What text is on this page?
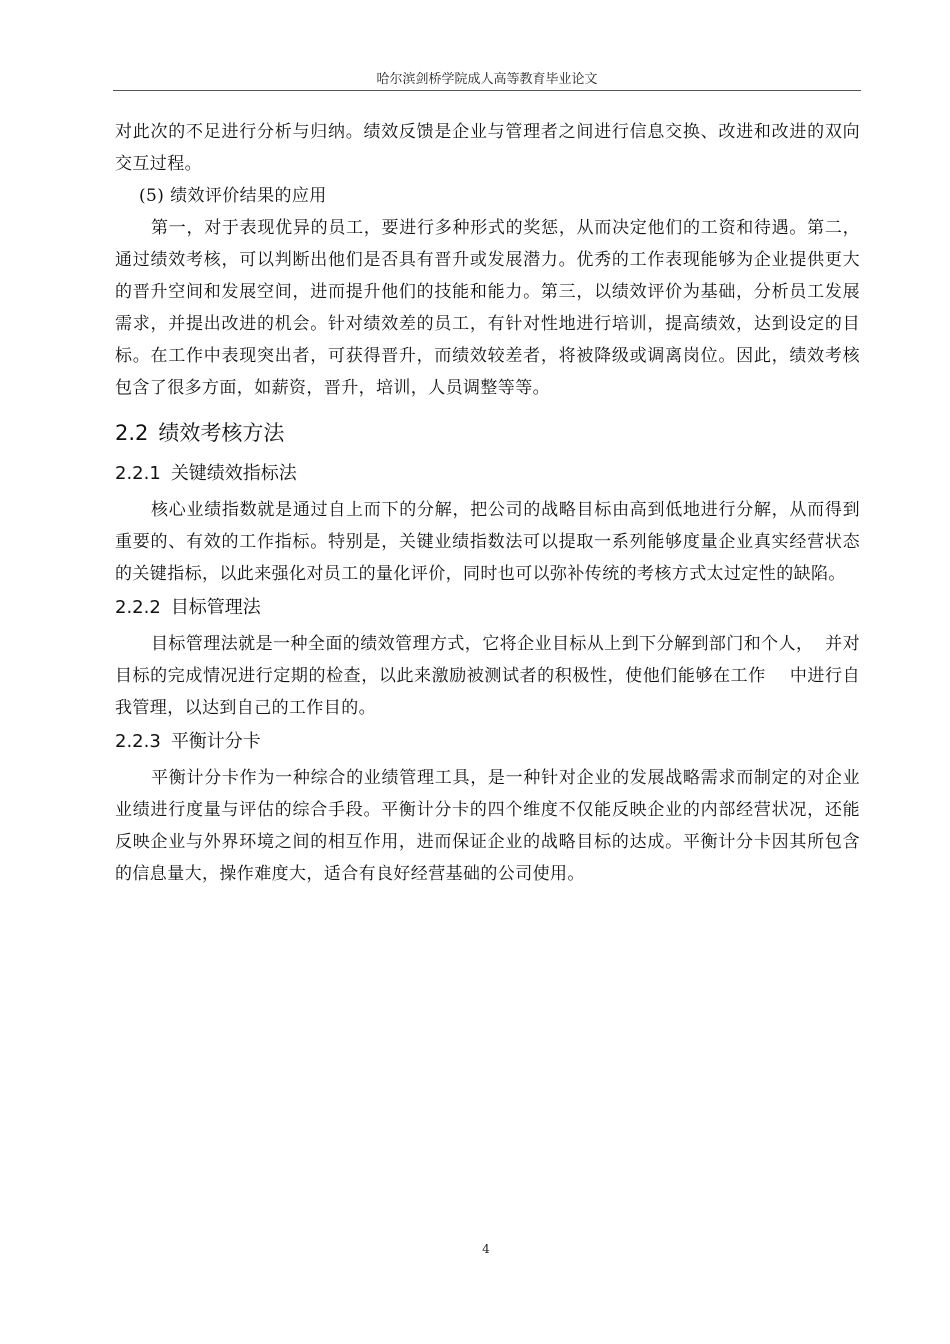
哈尔滨剑桥学院成人高等教育毕业论文

对此次的不足进行分析与归纳。绩效反馈是企业与管理者之间进行信息交换、改进和改进的双向交互过程。

(5) 绩效评价结果的应用

第一，对于表现优异的员工，要进行多种形式的奖惩，从而决定他们的工资和待遇。第二，通过绩效考核，可以判断出他们是否具有晋升或发展潜力。优秀的工作表现能够为企业提供更大的晋升空间和发展空间，进而提升他们的技能和能力。第三，以绩效评价为基础，分析员工发展需求，并提出改进的机会。针对绩效差的员工，有针对性地进行培训，提高绩效，达到设定的目标。在工作中表现突出者，可获得晋升，而绩效较差者，将被降级或调离岗位。因此，绩效考核包含了很多方面，如薪资，晋升，培训，人员调整等等。

2.2 绩效考核方法
2.2.1 关键绩效指标法

核心业绩指数就是通过自上而下的分解，把公司的战略目标由高到低地进行分解，从而得到重要的、有效的工作指标。特别是，关键业绩指数法可以提取一系列能够度量企业真实经营状态的关键指标，以此来强化对员工的量化评价，同时也可以弥补传统的考核方式太过定性的缺陷。

2.2.2 目标管理法

目标管理法就是一种全面的绩效管理方式，它将企业目标从上到下分解到部门和个人，  并对目标的完成情况进行定期的检查，以此来激励被测试者的积极性，使他们能够在工作    中进行自我管理，以达到自己的工作目的。

2.2.3 平衡计分卡

平衡计分卡作为一种综合的业绩管理工具，是一种针对企业的发展战略需求而制定的对企业业绩进行度量与评估的综合手段。平衡计分卡的四个维度不仅能反映企业的内部经营状况，还能反映企业与外界环境之间的相互作用，进而保证企业的战略目标的达成。平衡计分卡因其所包含的信息量大，操作难度大，适合有良好经营基础的公司使用。

4
